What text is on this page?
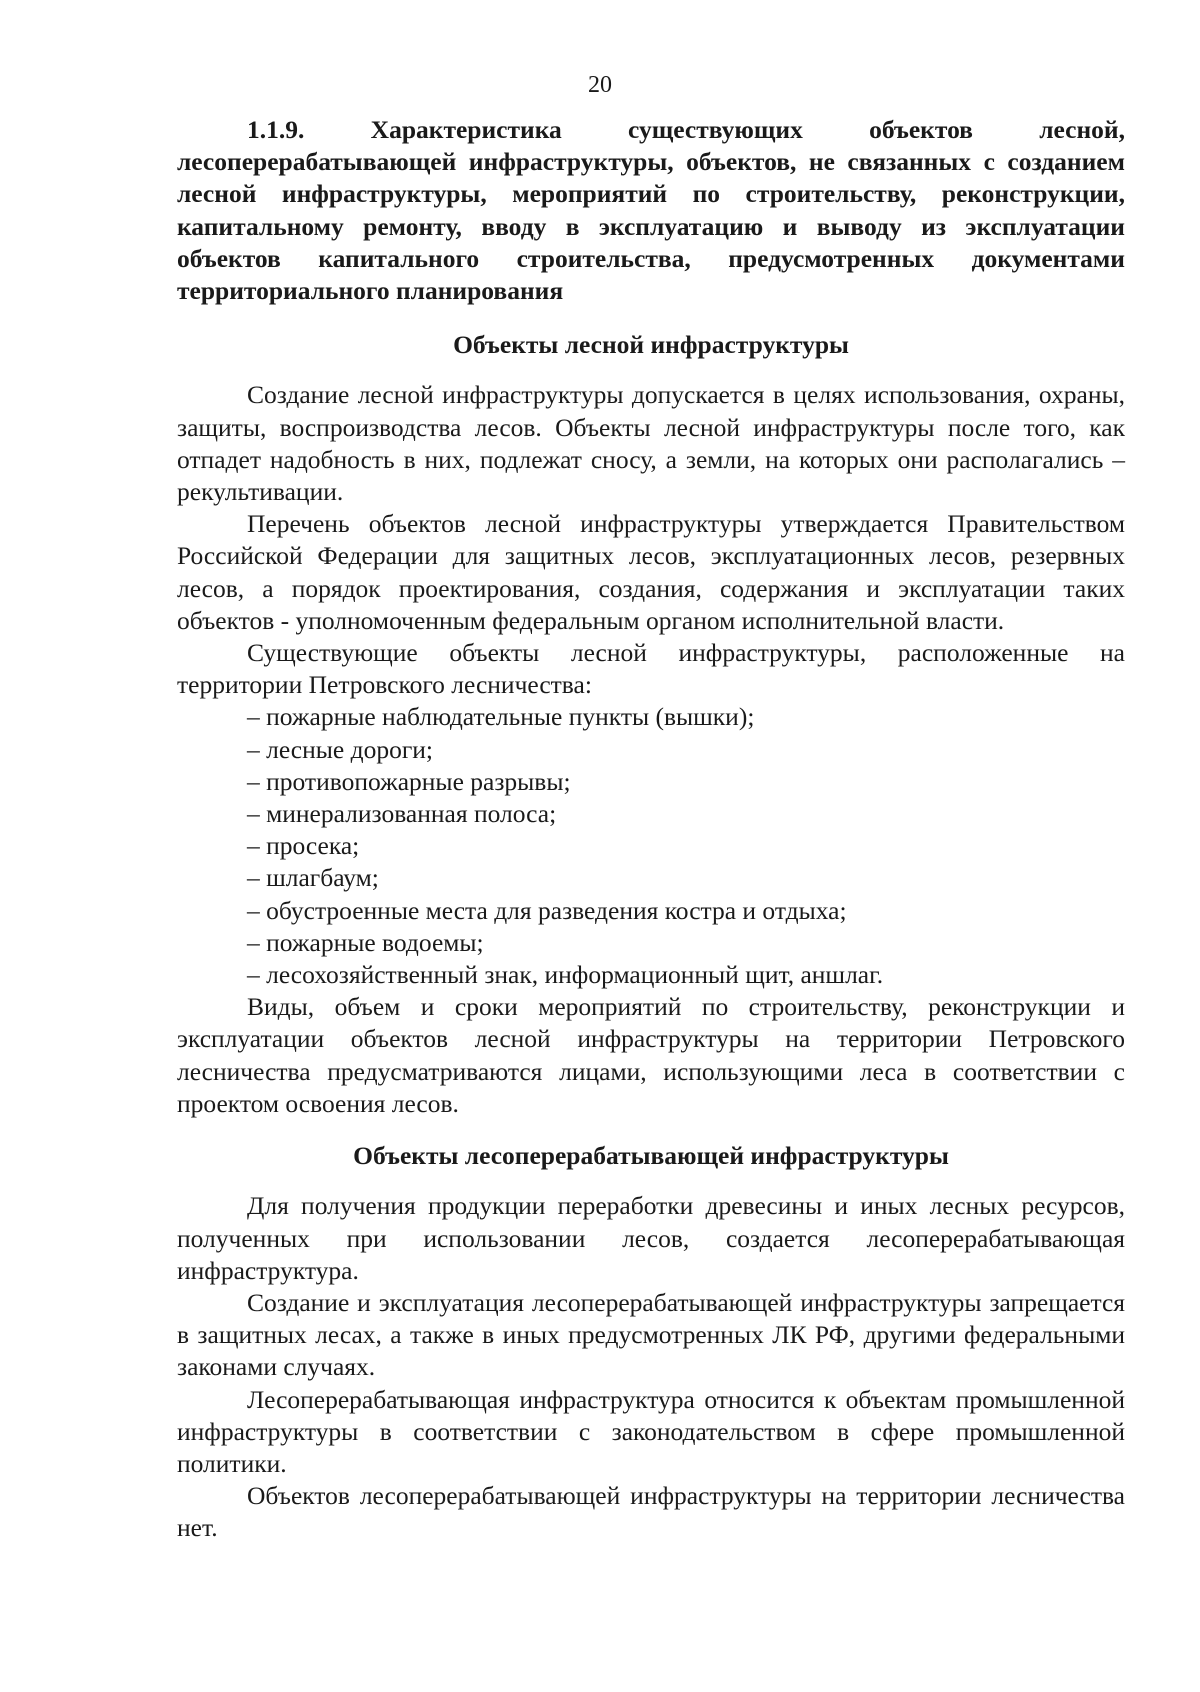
20

1.1.9. Характеристика существующих объектов лесной, лесоперерабатывающей инфраструктуры, объектов, не связанных с созданием лесной инфраструктуры, мероприятий по строительству, реконструкции, капитальному ремонту, вводу в эксплуатацию и выводу из эксплуатации объектов капитального строительства, предусмотренных документами территориального планирования

Объекты лесной инфраструктуры

Создание лесной инфраструктуры допускается в целях использования, охраны, защиты, воспроизводства лесов. Объекты лесной инфраструктуры после того, как отпадет надобность в них, подлежат сносу, а земли, на которых они располагались – рекультивации.

Перечень объектов лесной инфраструктуры утверждается Правительством Российской Федерации для защитных лесов, эксплуатационных лесов, резервных лесов, а порядок проектирования, создания, содержания и эксплуатации таких объектов - уполномоченным федеральным органом исполнительной власти.

Существующие объекты лесной инфраструктуры, расположенные на территории Петровского лесничества:

– пожарные наблюдательные пункты (вышки);
– лесные дороги;
– противопожарные разрывы;
– минерализованная полоса;
– просека;
– шлагбаум;
– обустроенные места для разведения костра и отдыха;
– пожарные водоемы;
– лесохозяйственный знак, информационный щит, аншлаг.

Виды, объем и сроки мероприятий по строительству, реконструкции и эксплуатации объектов лесной инфраструктуры на территории Петровского лесничества предусматриваются лицами, использующими леса в соответствии с проектом освоения лесов.

Объекты лесоперерабатывающей инфраструктуры

Для получения продукции переработки древесины и иных лесных ресурсов, полученных при использовании лесов, создается лесоперерабатывающая инфраструктура.

Создание и эксплуатация лесоперерабатывающей инфраструктуры запрещается в защитных лесах, а также в иных предусмотренных ЛК РФ, другими федеральными законами случаях.

Лесоперерабатывающая инфраструктура относится к объектам промышленной инфраструктуры в соответствии с законодательством в сфере промышленной политики.

Объектов лесоперерабатывающей инфраструктуры на территории лесничества нет.
